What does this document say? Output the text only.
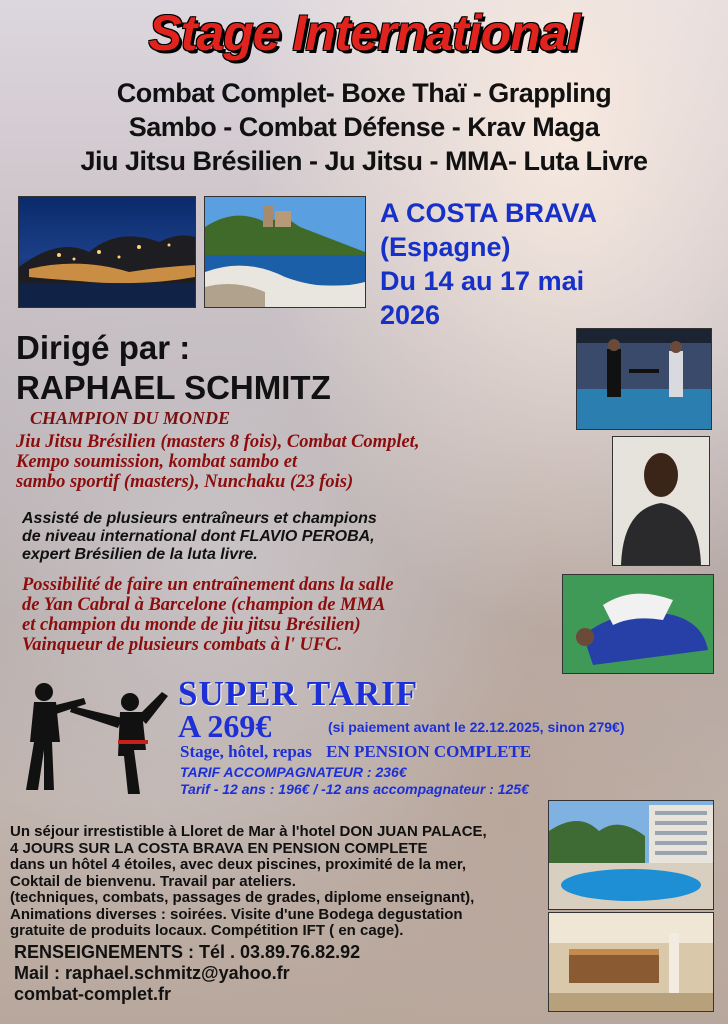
Stage International
Combat Complet- Boxe Thaï - Grappling
Sambo - Combat Défense - Krav Maga
Jiu Jitsu Brésilien - Ju Jitsu - MMA- Luta Livre
A COSTA BRAVA
(Espagne)
Du 14 au 17 mai
2026
Dirigé par :
RAPHAEL SCHMITZ
CHAMPION DU MONDE
Jiu Jitsu Brésilien (masters 8 fois), Combat Complet,
Kempo soumission, kombat sambo et
sambo sportif (masters), Nunchaku (23 fois)
Assisté de plusieurs entraîneurs et champions
de niveau international dont FLAVIO PEROBA,
expert Brésilien de la luta livre.
Possibilité de faire un entraînement dans la salle
de Yan Cabral à Barcelone (champion de MMA
et champion du monde de jiu jitsu Brésilien)
Vainqueur de plusieurs combats à l' UFC.
SUPER TARIF
A 269€	(si paiement avant le 22.12.2025, sinon 279€)
Stage, hôtel, repas EN PENSION COMPLETE
TARIF ACCOMPAGNATEUR : 236€
Tarif - 12 ans : 196€ / -12 ans accompagnateur : 125€
Un séjour irrestistible à Lloret de Mar à l'hotel DON JUAN PALACE,
4 JOURS SUR LA COSTA BRAVA EN PENSION COMPLETE
dans un hôtel 4 étoiles, avec deux piscines, proximité de la mer,
Coktail de bienvenu. Travail par ateliers.
(techniques, combats, passages de grades, diplome enseignant),
Animations diverses : soirées. Visite d'une Bodega degustation
gratuite de produits locaux. Compétition IFT ( en cage).
RENSEIGNEMENTS : Tél . 03.89.76.82.92
Mail : raphael.schmitz@yahoo.fr
combat-complet.fr
